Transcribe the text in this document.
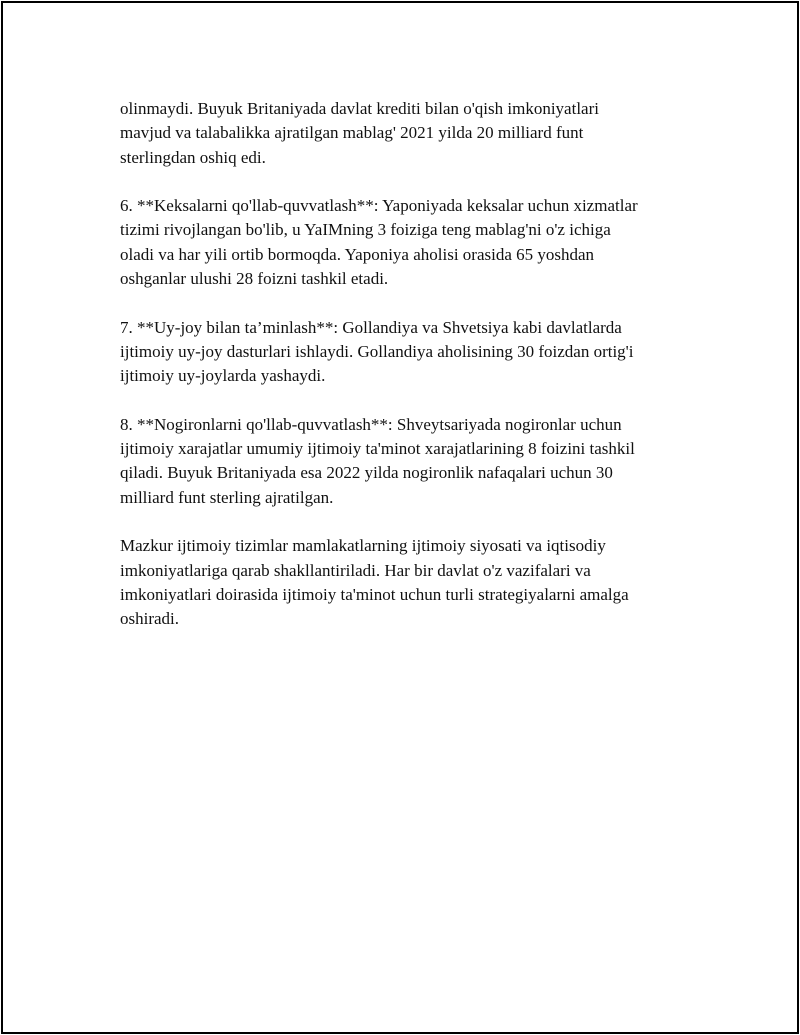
olinmaydi. Buyuk Britaniyada davlat krediti bilan o'qish imkoniyatlari
mavjud va talabalikka ajratilgan mablag' 2021 yilda 20 milliard funt
sterlingdan oshiq edi.

6. **Keksalarni qo'llab-quvvatlash**: Yaponiyada keksalar uchun xizmatlar
tizimi rivojlangan bo'lib, u YaIMning 3 foiziga teng mablag'ni o'z ichiga
oladi va har yili ortib bormoqda. Yaponiya aholisi orasida 65 yoshdan
oshganlar ulushi 28 foizni tashkil etadi.

7. **Uy-joy bilan ta’minlash**: Gollandiya va Shvetsiya kabi davlatlarda
ijtimoiy uy-joy dasturlari ishlaydi. Gollandiya aholisining 30 foizdan ortig'i
ijtimoiy uy-joylarda yashaydi.

8. **Nogironlarni qo'llab-quvvatlash**: Shveytsariyada nogironlar uchun
ijtimoiy xarajatlar umumiy ijtimoiy ta'minot xarajatlarining 8 foizini tashkil
qiladi. Buyuk Britaniyada esa 2022 yilda nogironlik nafaqalari uchun 30
milliard funt sterling ajratilgan.

Mazkur ijtimoiy tizimlar mamlakatlarning ijtimoiy siyosati va iqtisodiy
imkoniyatlariga qarab shakllantiriladi. Har bir davlat o'z vazifalari va
imkoniyatlari doirasida ijtimoiy ta'minot uchun turli strategiyalarni amalga
oshiradi.
